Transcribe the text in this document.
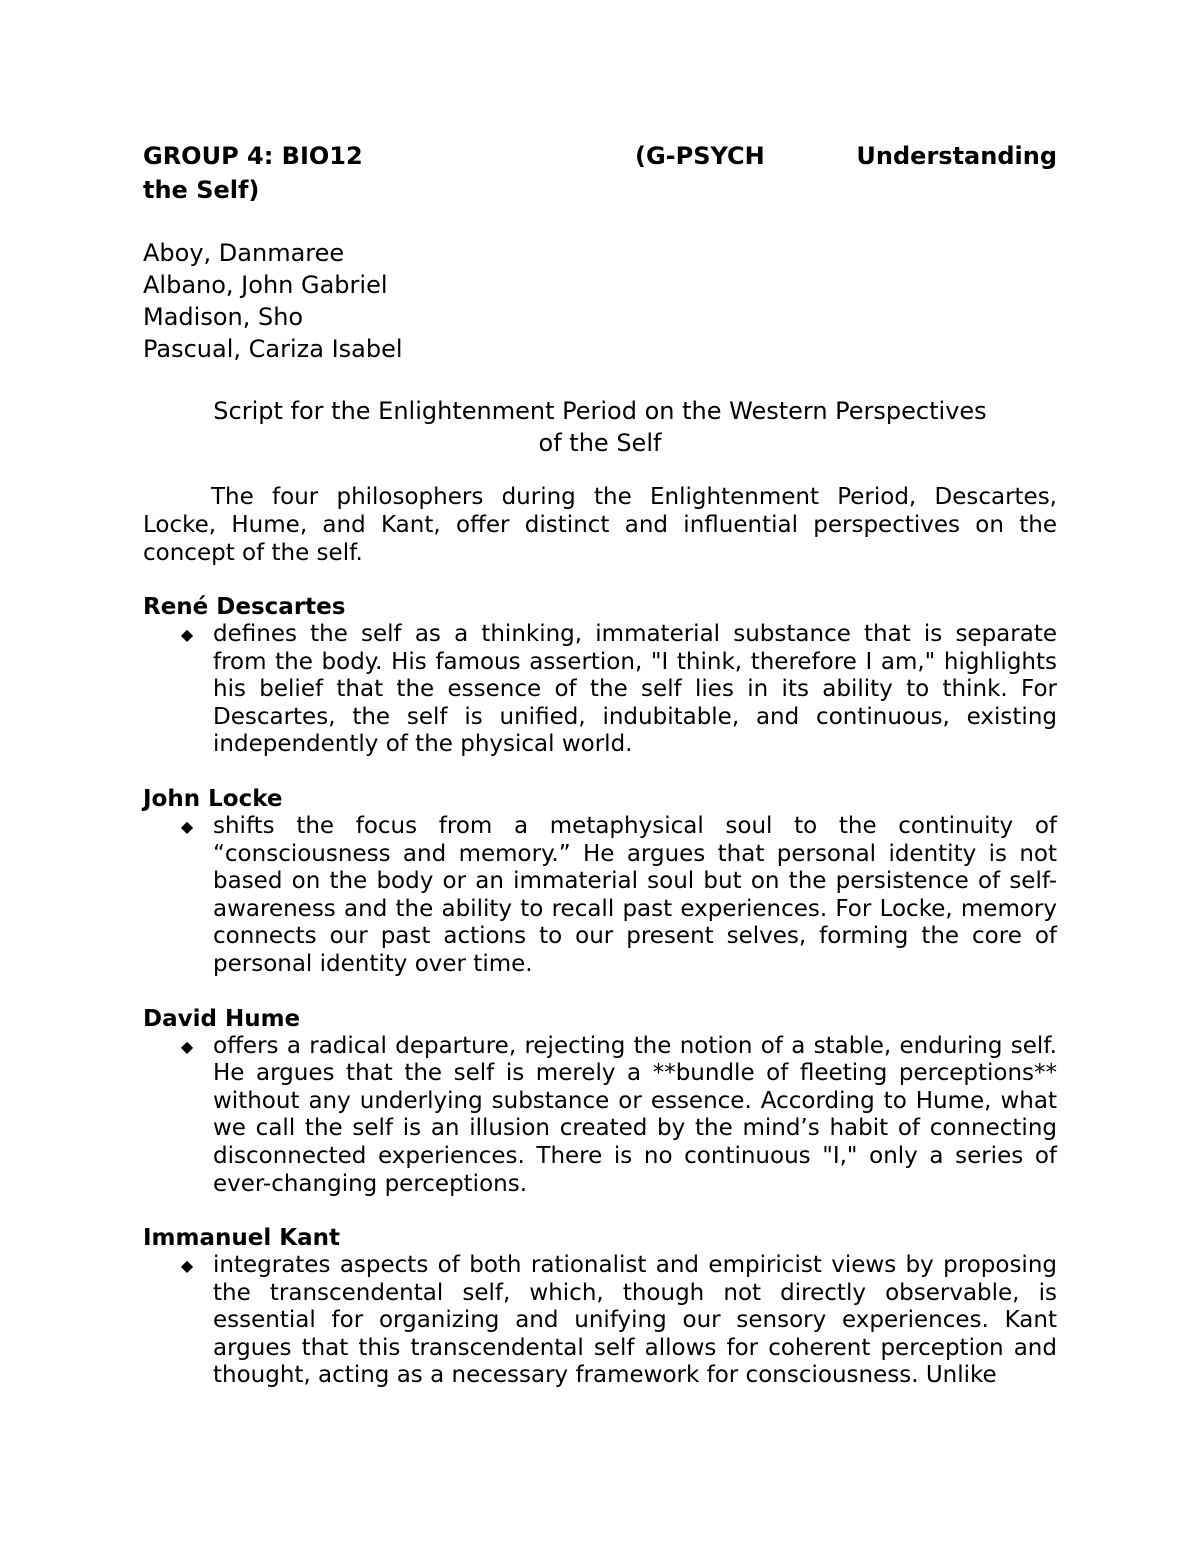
GROUP 4: BIO12	(G-PSYCH	Understanding
the Self)
Aboy, Danmaree
Albano, John Gabriel
Madison, Sho
Pascual, Cariza Isabel
Script for the Enlightenment Period on the Western Perspectives
of the Self
The four philosophers during the Enlightenment Period, Descartes, Locke, Hume, and Kant, offer distinct and influential perspectives on the concept of the self.
René Descartes
◆ defines the self as a thinking, immaterial substance that is separate from the body. His famous assertion, "I think, therefore I am," highlights his belief that the essence of the self lies in its ability to think. For Descartes, the self is unified, indubitable, and continuous, existing independently of the physical world.
John Locke
◆ shifts the focus from a metaphysical soul to the continuity of “consciousness and memory.” He argues that personal identity is not based on the body or an immaterial soul but on the persistence of self-awareness and the ability to recall past experiences. For Locke, memory connects our past actions to our present selves, forming the core of personal identity over time.
David Hume
◆ offers a radical departure, rejecting the notion of a stable, enduring self. He argues that the self is merely a **bundle of fleeting perceptions** without any underlying substance or essence. According to Hume, what we call the self is an illusion created by the mind’s habit of connecting disconnected experiences. There is no continuous "I," only a series of ever-changing perceptions.
Immanuel Kant
◆ integrates aspects of both rationalist and empiricist views by proposing the transcendental self, which, though not directly observable, is essential for organizing and unifying our sensory experiences. Kant argues that this transcendental self allows for coherent perception and thought, acting as a necessary framework for consciousness. Unlike
